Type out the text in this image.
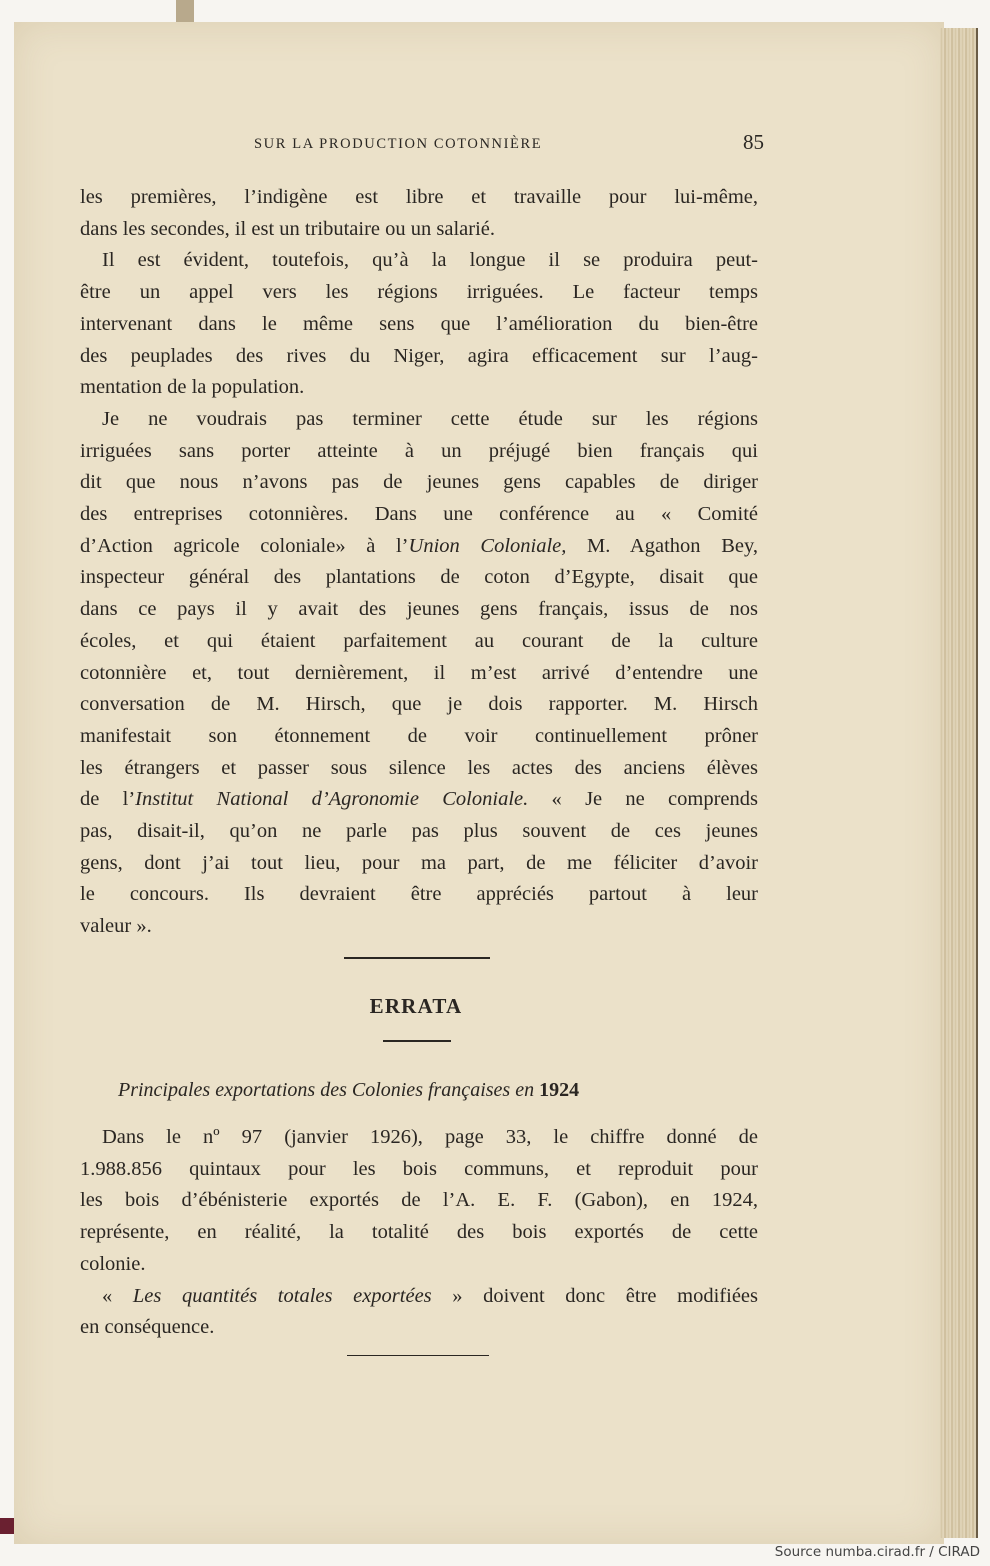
SUR LA PRODUCTION COTONNIÈRE	85
les premières, l’indigène est libre et travaille pour lui-même,
dans les secondes, il est un tributaire ou un salarié.
Il est évident, toutefois, qu’à la longue il se produira peut-
être un appel vers les régions irriguées. Le facteur temps
intervenant dans le même sens que l’amélioration du bien-être
des peuplades des rives du Niger, agira efficacement sur l’aug-
mentation de la population.
Je ne voudrais pas terminer cette étude sur les régions
irriguées sans porter atteinte à un préjugé bien français qui
dit que nous n’avons pas de jeunes gens capables de diriger
des entreprises cotonnières. Dans une conférence au « Comité
d’Action agricole coloniale» à l’Union Coloniale, M. Agathon Bey,
inspecteur général des plantations de coton d’Egypte, disait que
dans ce pays il y avait des jeunes gens français, issus de nos
écoles, et qui étaient parfaitement au courant de la culture
cotonnière et, tout dernièrement, il m’est arrivé d’entendre une
conversation de M. Hirsch, que je dois rapporter. M. Hirsch
manifestait son étonnement de voir continuellement prôner
les étrangers et passer sous silence les actes des anciens élèves
de l’Institut National d’Agronomie Coloniale. « Je ne comprends
pas, disait-il, qu’on ne parle pas plus souvent de ces jeunes
gens, dont j’ai tout lieu, pour ma part, de me féliciter d’avoir
le concours. Ils devraient être appréciés partout à leur
valeur ».
ERRATA
Principales exportations des Colonies françaises en 1924
Dans le nº 97 (janvier 1926), page 33, le chiffre donné de
1.988.856 quintaux pour les bois communs, et reproduit pour
les bois d’ébénisterie exportés de l’A. E. F. (Gabon), en 1924,
représente, en réalité, la totalité des bois exportés de cette
colonie.
« Les quantités totales exportées » doivent donc être modifiées
en conséquence.
Source numba.cirad.fr / CIRAD
